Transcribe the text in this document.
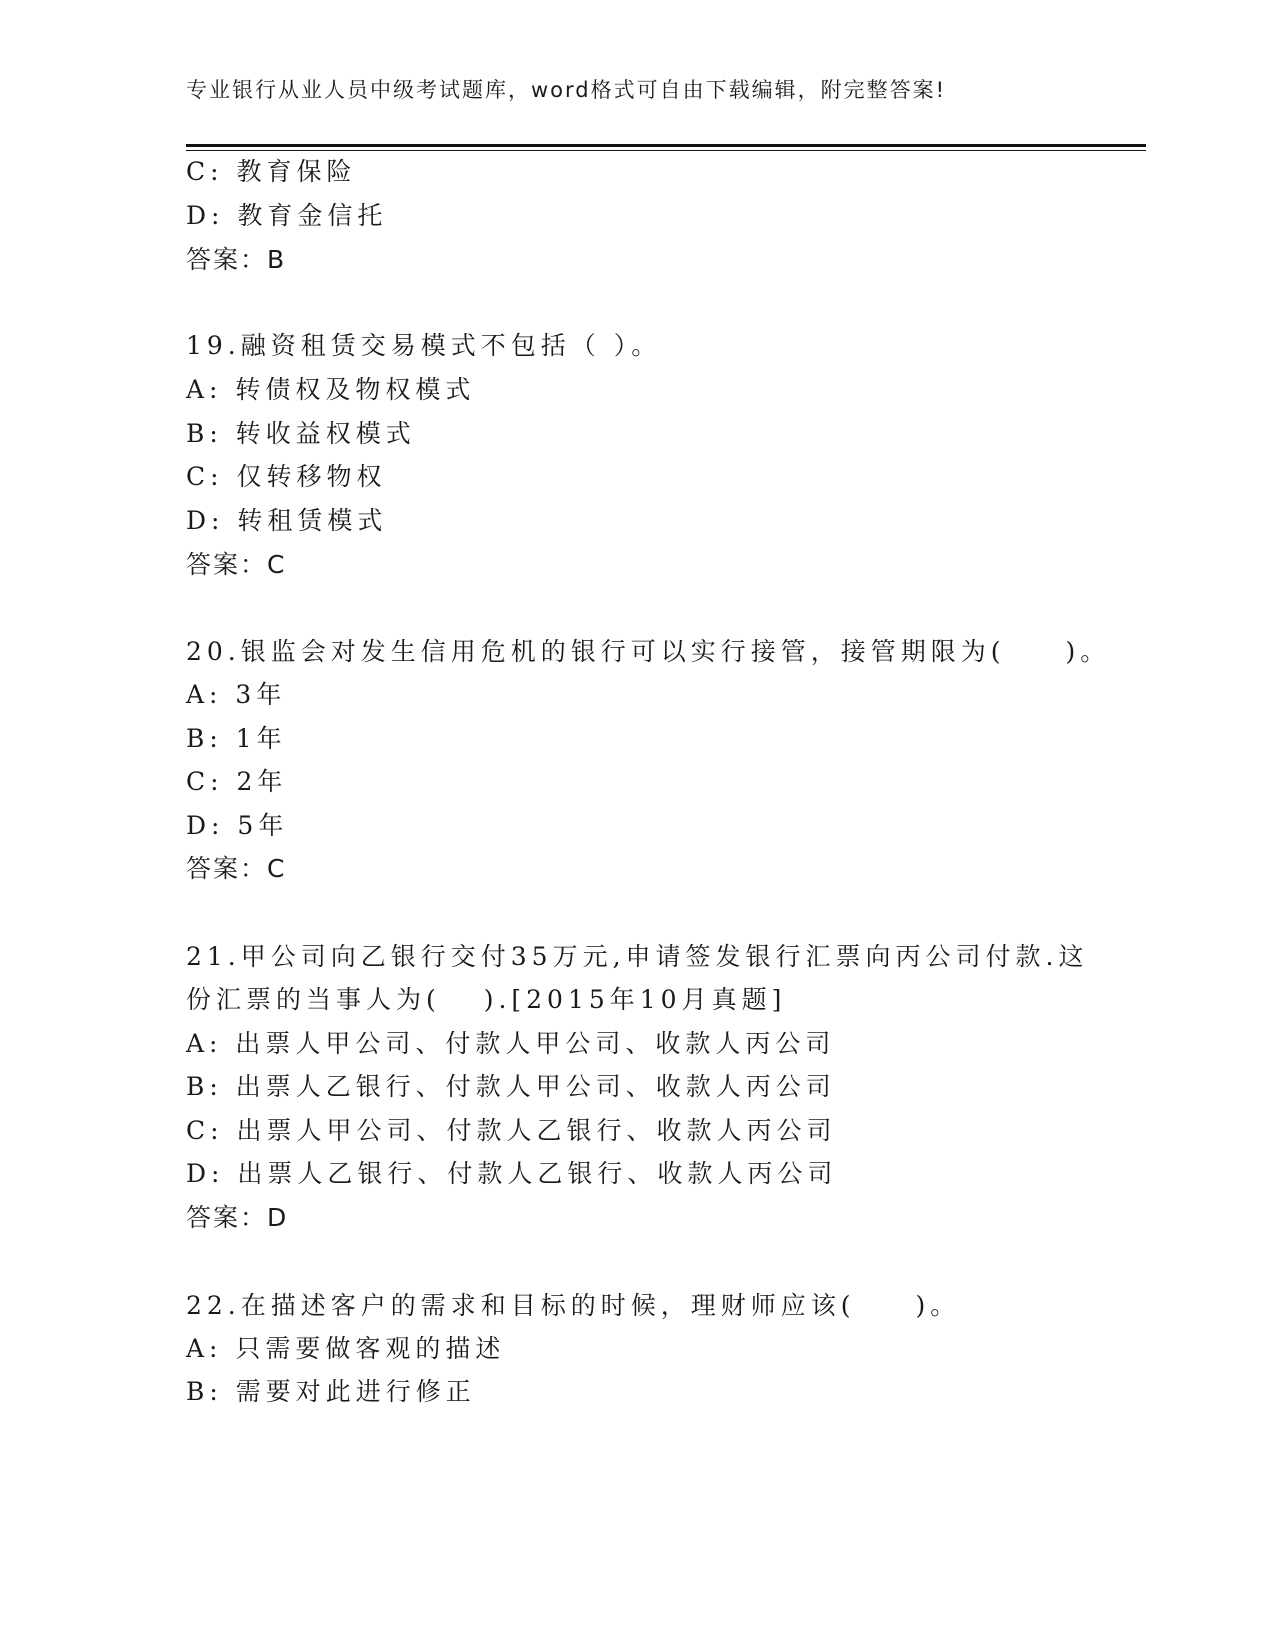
专业银行从业人员中级考试题库，word格式可自由下载编辑，附完整答案!
C: 教育保险
D: 教育金信托
答案：B
19.融资租赁交易模式不包括（ ）。
A: 转债权及物权模式
B: 转收益权模式
C: 仅转移物权
D: 转租赁模式
答案：C
20.银监会对发生信用危机的银行可以实行接管，接管期限为(　　)。
A: 3年
B: 1年
C: 2年
D: 5年
答案：C
21.甲公司向乙银行交付35万元,申请签发银行汇票向丙公司付款.这
份汇票的当事人为(　 ).[2015年10月真题]
A: 出票人甲公司、付款人甲公司、收款人丙公司
B: 出票人乙银行、付款人甲公司、收款人丙公司
C: 出票人甲公司、付款人乙银行、收款人丙公司
D: 出票人乙银行、付款人乙银行、收款人丙公司
答案：D
22.在描述客户的需求和目标的时候，理财师应该(　　)。
A: 只需要做客观的描述
B: 需要对此进行修正
